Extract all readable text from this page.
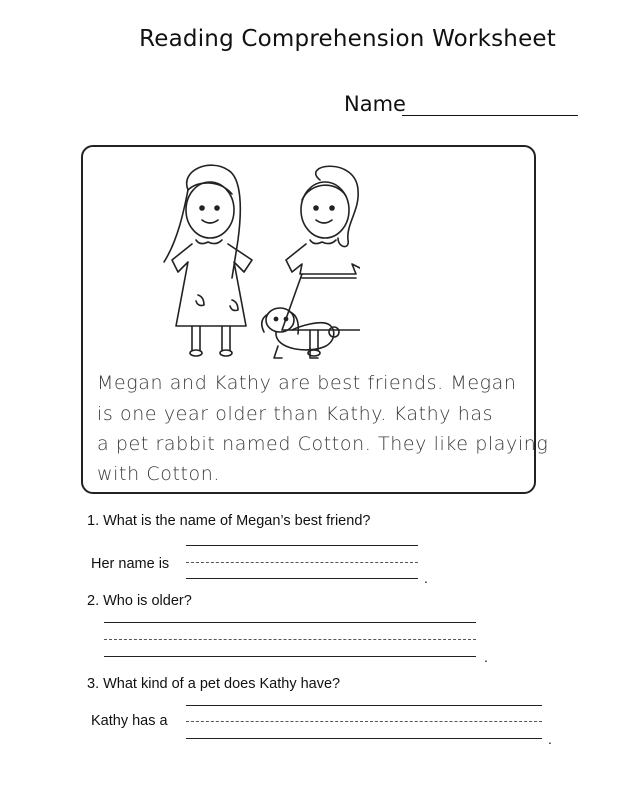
Reading Comprehension Worksheet
Name
Megan and Kathy are best friends. Megan
is one year older than Kathy. Kathy has
a pet rabbit named Cotton. They like playing
with Cotton.
1. What is the name of Megan’s best friend?
Her name is
.
2. Who is older?
.
3. What kind of a pet does Kathy have?
Kathy has a
.
